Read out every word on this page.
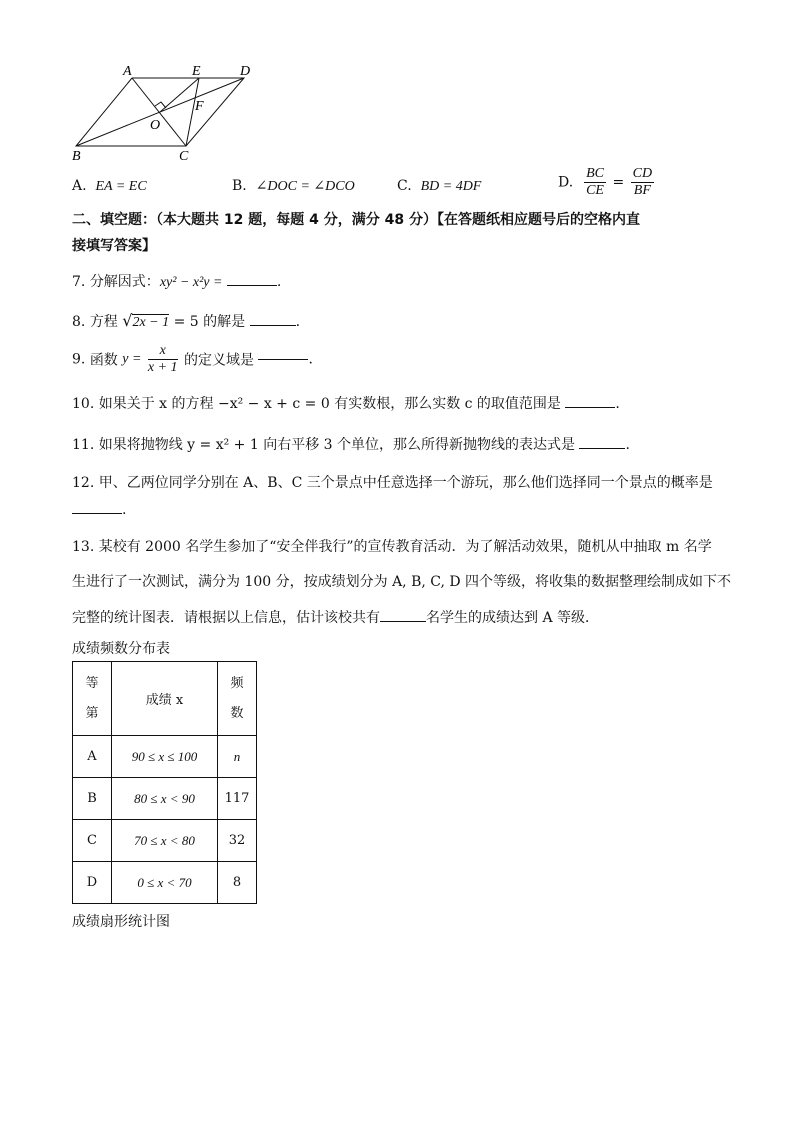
A	E	D
F
O
B	C
A. EA = EC	B. ∠DOC = ∠DCO	C. BD = 4DF	D. $\frac{BC}{CE} = \frac{CD}{BF}$
二、填空题：（本大题共 12 题，每题 4 分，满分 48 分）【在答题纸相应题号后的空格内直
接填写答案】
7. 分解因式：xy² − x²y =	.
8. 方程 √2x − 1 = 5 的解是	.
9. 函数 $y = \frac{x}{x + 1}$ 的定义域是	.
10. 如果关于 x 的方程 −x² − x + c = 0 有实数根，那么实数 c 的取值范围是	.
11. 如果将抛物线 y = x² + 1 向右平移 3 个单位，那么所得新抛物线的表达式是	.
12. 甲、乙两位同学分别在 A、B、C 三个景点中任意选择一个游玩，那么他们选择同一个景点的概率是
.
13. 某校有 2000 名学生参加了“安全伴我行”的宣传教育活动．为了解活动效果，随机从中抽取 m 名学
生进行了一次测试，满分为 100 分，按成绩划分为 A, B, C, D 四个等级，将收集的数据整理绘制成如下不
完整的统计图表．请根据以上信息，估计该校共有	名学生的成绩达到 A 等级．
成绩频数分布表
等第	成绩 x	频数
A	90 ≤ x ≤ 100	n
B	80 ≤ x < 90	117
C	70 ≤ x < 80	32
D	0 ≤ x < 70	8
成绩扇形统计图
